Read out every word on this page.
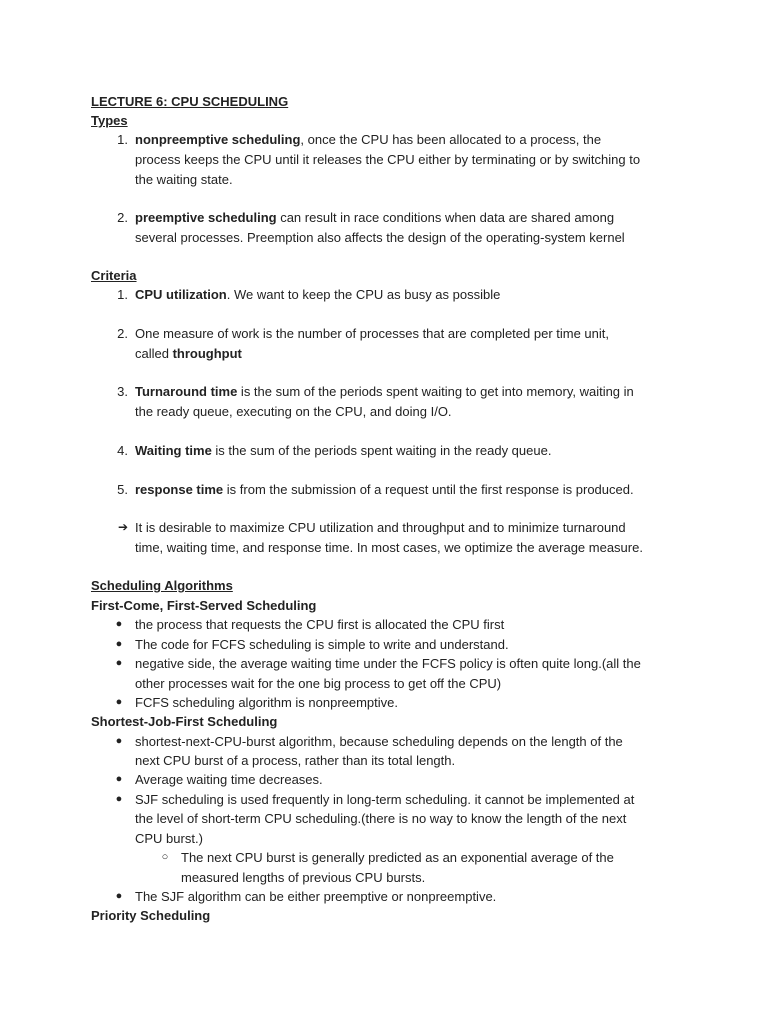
LECTURE 6: CPU SCHEDULING
Types
1. nonpreemptive scheduling, once the CPU has been allocated to a process, the
process keeps the CPU until it releases the CPU either by terminating or by switching to
the waiting state.
2. preemptive scheduling can result in race conditions when data are shared among
several processes. Preemption also affects the design of the operating-system kernel
Criteria
1. CPU utilization. We want to keep the CPU as busy as possible
2. One measure of work is the number of processes that are completed per time unit,
called throughput
3. Turnaround time is the sum of the periods spent waiting to get into memory, waiting in
the ready queue, executing on the CPU, and doing I/O.
4. Waiting time is the sum of the periods spent waiting in the ready queue.
5. response time is from the submission of a request until the first response is produced.
➔ It is desirable to maximize CPU utilization and throughput and to minimize turnaround
time, waiting time, and response time. In most cases, we optimize the average measure.
Scheduling Algorithms
First-Come, First-Served Scheduling
● the process that requests the CPU first is allocated the CPU first
● The code for FCFS scheduling is simple to write and understand.
● negative side, the average waiting time under the FCFS policy is often quite long.(all the
other processes wait for the one big process to get off the CPU)
● FCFS scheduling algorithm is nonpreemptive.
Shortest-Job-First Scheduling
● shortest-next-CPU-burst algorithm, because scheduling depends on the length of the
next CPU burst of a process, rather than its total length.
● Average waiting time decreases.
● SJF scheduling is used frequently in long-term scheduling. it cannot be implemented at
the level of short-term CPU scheduling.(there is no way to know the length of the next
CPU burst.)
○ The next CPU burst is generally predicted as an exponential average of the
measured lengths of previous CPU bursts.
● The SJF algorithm can be either preemptive or nonpreemptive.
Priority Scheduling
